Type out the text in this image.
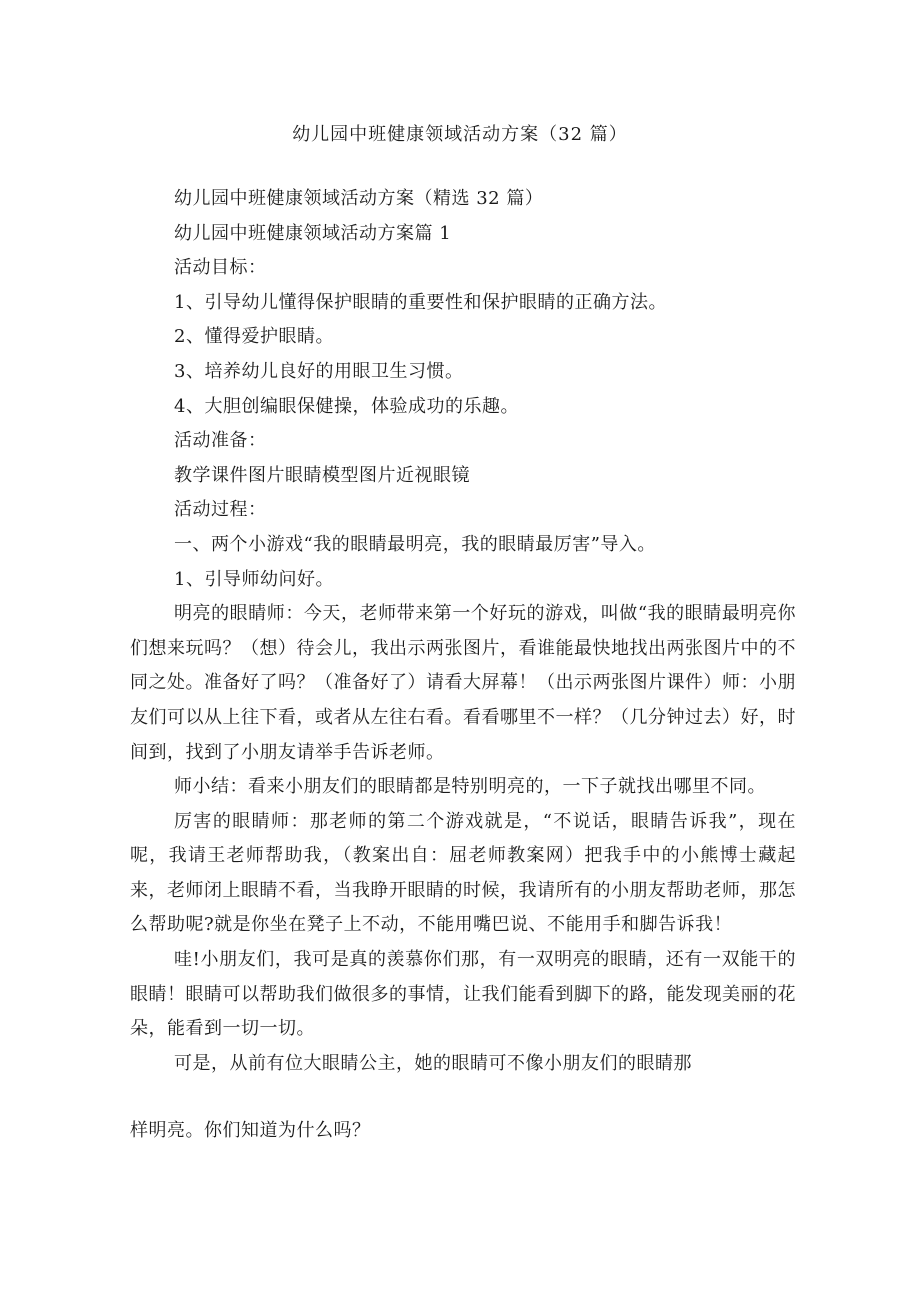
幼儿园中班健康领域活动方案（32 篇）
幼儿园中班健康领域活动方案（精选 32 篇）
幼儿园中班健康领域活动方案篇 1
活动目标：
1、引导幼儿懂得保护眼睛的重要性和保护眼睛的正确方法。
2、懂得爱护眼睛。
3、培养幼儿良好的用眼卫生习惯。
4、大胆创编眼保健操，体验成功的乐趣。
活动准备：
教学课件图片眼睛模型图片近视眼镜
活动过程：
一、两个小游戏“我的眼睛最明亮，我的眼睛最厉害”导入。
1、引导师幼问好。
明亮的眼睛师：今天，老师带来第一个好玩的游戏，叫做“我的眼睛最明亮你们想来玩吗？（想）待会儿，我出示两张图片，看谁能最快地找出两张图片中的不同之处。准备好了吗？（准备好了）请看大屏幕！（出示两张图片课件）师：小朋友们可以从上往下看，或者从左往右看。看看哪里不一样？（几分钟过去）好，时间到，找到了小朋友请举手告诉老师。
师小结：看来小朋友们的眼睛都是特别明亮的，一下子就找出哪里不同。
厉害的眼睛师：那老师的第二个游戏就是，“不说话，眼睛告诉我”，现在呢，我请王老师帮助我，（教案出自：屈老师教案网）把我手中的小熊博士藏起来，老师闭上眼睛不看，当我睁开眼睛的时候，我请所有的小朋友帮助老师，那怎么帮助呢?就是你坐在凳子上不动，不能用嘴巴说、不能用手和脚告诉我！
哇!小朋友们，我可是真的羡慕你们那，有一双明亮的眼睛，还有一双能干的眼睛！眼睛可以帮助我们做很多的事情，让我们能看到脚下的路，能发现美丽的花朵，能看到一切一切。
可是，从前有位大眼睛公主，她的眼睛可不像小朋友们的眼睛那
样明亮。你们知道为什么吗？
